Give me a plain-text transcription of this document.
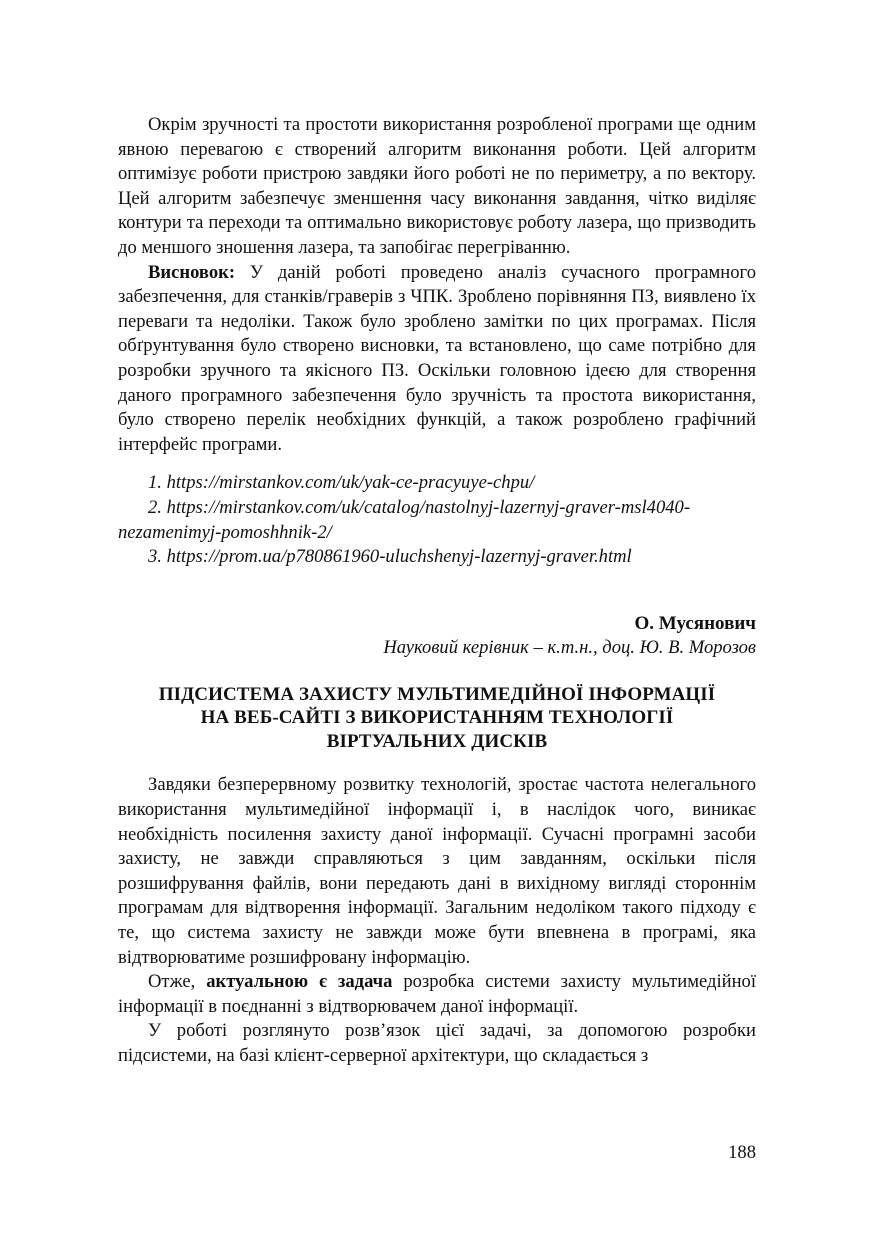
Окрім зручності та простоти використання розробленої програми ще одним явною перевагою є створений алгоритм виконання роботи. Цей алгоритм оптимізує роботи пристрою завдяки його роботі не по периметру, а по вектору. Цей алгоритм забезпечує зменшення часу виконання завдання, чітко виділяє контури та переходи та оптимально використовує роботу лазера, що призводить до меншого зношення лазера, та запобігає перегріванню.

Висновок: У даній роботі проведено аналіз сучасного програмного забезпечення, для станків/граверів з ЧПК. Зроблено порівняння ПЗ, виявлено їх переваги та недоліки. Також було зроблено замітки по цих програмах. Після обґрунтування було створено висновки, та встановлено, що саме потрібно для розробки зручного та якісного ПЗ. Оскільки головною ідеєю для створення даного програмного забезпечення було зручність та простота використання, було створено перелік необхідних функцій, а також розроблено графічний інтерфейс програми.

1. https://mirstankov.com/uk/yak-ce-pracyuye-chpu/

2. https://mirstankov.com/uk/catalog/nastolnyj-lazernyj-graver-msl4040-nezamenimyj-pomoshhnik-2/

3. https://prom.ua/p780861960-uluchshenyj-lazernyj-graver.html

О. Мусянович
Науковий керівник – к.т.н., доц. Ю. В. Морозов
ПІДСИСТЕМА ЗАХИСТУ МУЛЬТИМЕДІЙНОЇ ІНФОРМАЦІЇ
НА ВЕБ-САЙТІ З ВИКОРИСТАННЯМ ТЕХНОЛОГІЇ
ВІРТУАЛЬНИХ ДИСКІВ

Завдяки безперервному розвитку технологій, зростає частота нелегального використання мультимедійної інформації і, в наслідок чого, виникає необхідність посилення захисту даної інформації. Сучасні програмні засоби захисту, не завжди справляються з цим завданням, оскільки після розшифрування файлів, вони передають дані в вихідному вигляді стороннім програмам для відтворення інформації. Загальним недоліком такого підходу є те, що система захисту не завжди може бути впевнена в програмі, яка відтворюватиме розшифровану інформацію.

Отже, актуальною є задача розробка системи захисту мультимедійної інформації в поєднанні з відтворювачем даної інформації.

У роботі розглянуто розв’язок цієї задачі, за допомогою розробки підсистеми, на базі клієнт-серверної архітектури, що складається з

188
